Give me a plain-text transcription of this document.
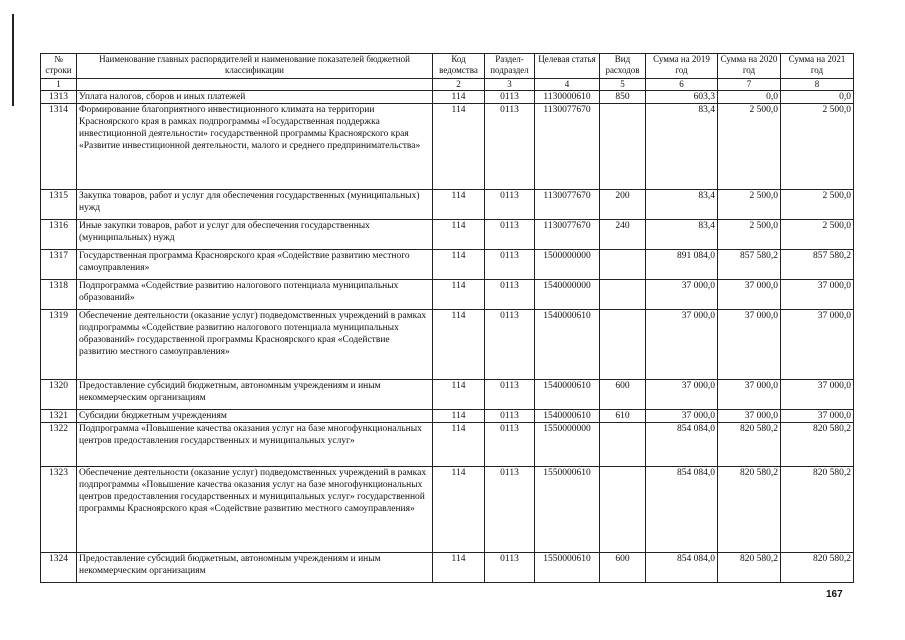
№ строки	Наименование главных распорядителей и наименование показателей бюджетной классификации	Код ведомства	Раздел-подраздел	Целевая статья	Вид расходов	Сумма на 2019 год	Сумма на 2020 год	Сумма на 2021 год
1		2	3	4	5	6	7	8
1313	Уплата налогов, сборов и иных платежей	114	0113	1130000610	850	603,3	0,0	0,0
1314	Формирование благоприятного инвестиционного климата на территории Красноярского края в рамках подпрограммы «Государственная поддержка инвестиционной деятельности» государственной программы Красноярского края «Развитие инвестиционной деятельности, малого и среднего предпринимательства»	114	0113	1130077670		83,4	2 500,0	2 500,0
1315	Закупка товаров, работ и услуг для обеспечения государственных (муниципальных) нужд	114	0113	1130077670	200	83,4	2 500,0	2 500,0
1316	Иные закупки товаров, работ и услуг для обеспечения государственных (муниципальных) нужд	114	0113	1130077670	240	83,4	2 500,0	2 500,0
1317	Государственная программа Красноярского края «Содействие развитию местного самоуправления»	114	0113	1500000000		891 084,0	857 580,2	857 580,2
1318	Подпрограмма «Содействие развитию налогового потенциала муниципальных образований»	114	0113	1540000000		37 000,0	37 000,0	37 000,0
1319	Обеспечение деятельности (оказание услуг) подведомственных учреждений в рамках подпрограммы «Содействие развитию налогового потенциала муниципальных образований» государственной программы Красноярского края «Содействие развитию местного самоуправления»	114	0113	1540000610		37 000,0	37 000,0	37 000,0
1320	Предоставление субсидий бюджетным, автономным учреждениям и иным некоммерческим организациям	114	0113	1540000610	600	37 000,0	37 000,0	37 000,0
1321	Субсидии бюджетным учреждениям	114	0113	1540000610	610	37 000,0	37 000,0	37 000,0
1322	Подпрограмма «Повышение качества оказания услуг на базе многофункциональных центров предоставления государственных и муниципальных услуг»	114	0113	1550000000		854 084,0	820 580,2	820 580,2
1323	Обеспечение деятельности (оказание услуг) подведомственных учреждений в рамках подпрограммы «Повышение качества оказания услуг на базе многофункциональных центров предоставления государственных и муниципальных услуг» государственной программы Красноярского края «Содействие развитию местного самоуправления»	114	0113	1550000610		854 084,0	820 580,2	820 580,2
1324	Предоставление субсидий бюджетным, автономным учреждениям и иным некоммерческим организациям	114	0113	1550000610	600	854 084,0	820 580,2	820 580,2
167
